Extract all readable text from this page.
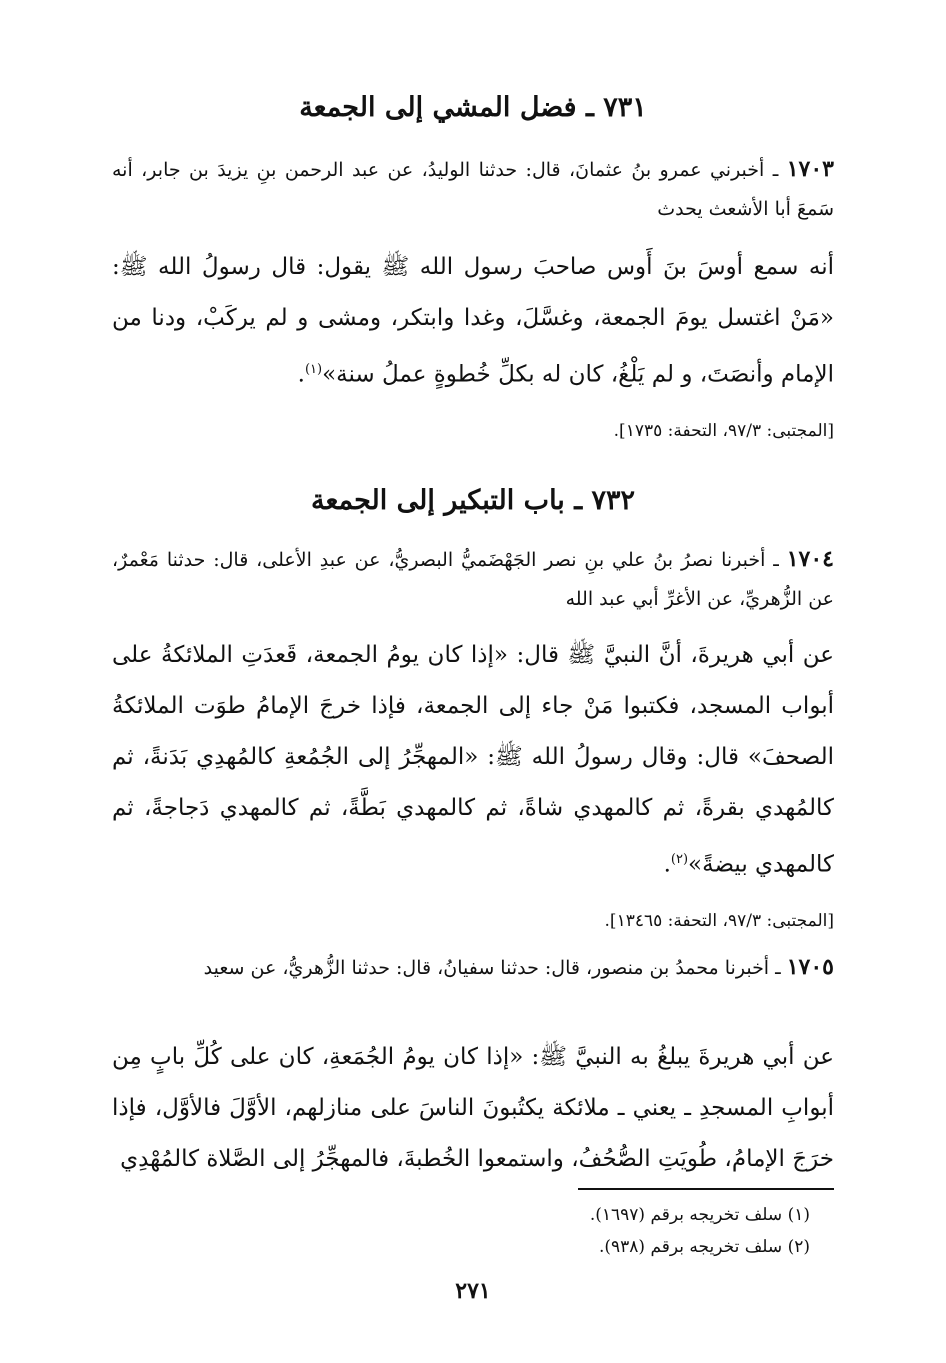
٧٣١ ـ فضل المشي إلى الجمعة
١٧٠٣ ـ أخبرني عمرو بنُ عثمانَ، قال: حدثنا الوليدُ، عن عبد الرحمن بنِ يزيدَ بن جابر، أنه سَمعَ أبا الأشعث يحدث
أنه سمع أوسَ بنَ أَوس صاحبَ رسول الله ﷺ يقول: قال رسولُ الله ﷺ: «مَنْ اغتسل يومَ الجمعة، وغسَّلَ، وغدا وابتكر، ومشى و لم يركَبْ، ودنا من الإمام وأنصَتَ، و لم يَلْغُ، كان له بكلِّ خُطوةٍ عملُ سنة»$^{(١)}$.
[المجتبى: ٩٧/٣، التحفة: ١٧٣٥].
٧٣٢ ـ باب التبكير إلى الجمعة
١٧٠٤ ـ أخبرنا نصرُ بنُ علي بنِ نصر الجَهْضَميُّ البصريُّ، عن عبدِ الأعلى، قال: حدثنا مَعْمرٌ، عن الزُّهريِّ، عن الأغرِّ أبي عبد الله
عن أبي هريرةَ، أنَّ النبيَّ ﷺ قال: «إذا كان يومُ الجمعة، قَعدَتِ الملائكةُ على أبواب المسجد، فكتبوا مَنْ جاء إلى الجمعة، فإذا خرجَ الإمامُ طوَت الملائكةُ الصحفَ» قال: وقال رسولُ الله ﷺ: «المهجِّرُ إلى الجُمُعةِ كالمُهدِي بَدَنةً، ثم كالمُهدي بقرةً، ثم كالمهدي شاةً، ثم كالمهدي بَطَّةً، ثم كالمهدي دَجاجةً، ثم كالمهدي بيضةً»$^{(٢)}$.
[المجتبى: ٩٧/٣، التحفة: ١٣٤٦٥].
١٧٠٥ ـ أخبرنا محمدُ بن منصور، قال: حدثنا سفيانُ، قال: حدثنا الزُّهريُّ، عن سعيد
عن أبي هريرةَ يبلغُ به النبيَّ ﷺ: «إذا كان يومُ الجُمَعةِ، كان على كُلِّ بابٍ مِن أبوابِ المسجدِ ـ يعني ـ ملائكة يكتُبونَ الناسَ على منازلهم، الأوَّلَ فالأوَّل، فإذا خرَجَ الإمامُ، طُويَتِ الصُّحُفُ، واستمعوا الخُطبةَ، فالمهجِّرُ إلى الصَّلاة كالمُهْدِي
(١) سلف تخريجه برقم (١٦٩٧).
(٢) سلف تخريجه برقم (٩٣٨).
٢٧١
